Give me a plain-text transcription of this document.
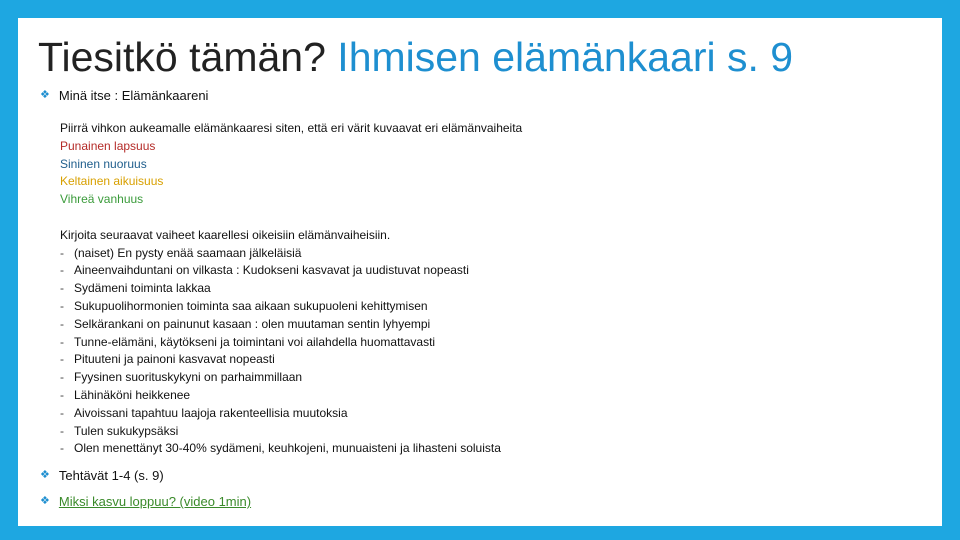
Tiesitkö tämän? Ihmisen elämänkaari s. 9
❖ Minä itse : Elämänkaareni
Piirrä vihkon aukeamalle elämänkaaresi siten, että eri värit kuvaavat eri elämänvaiheita
Punainen lapsuus
Sininen nuoruus
Keltainen aikuisuus
Vihreä vanhuus
Kirjoita seuraavat vaiheet kaarellesi oikeisiin elämänvaiheisiin.
- (naiset) En pysty enää saamaan jälkeläisiä
- Aineenvaihduntani on vilkasta : Kudokseni kasvavat ja uudistuvat nopeasti
- Sydämeni toiminta lakkaa
- Sukupuolihormonien toiminta saa aikaan sukupuoleni kehittymisen
- Selkärankani on painunut kasaan : olen muutaman sentin lyhyempi
- Tunne-elämäni, käytökseni ja toimintani voi ailahdella huomattavasti
- Pituuteni ja painoni kasvavat nopeasti
- Fyysinen suorituskykyni on parhaimmillaan
- Lähinäköni heikkenee
- Aivoissani tapahtuu laajoja rakenteellisia muutoksia
- Tulen sukukypsäksi
- Olen menettänyt 30-40% sydämeni, keuhkojeni, munuaisteni ja lihasteni soluista
❖ Tehtävät 1-4 (s. 9)
❖ Miksi kasvu loppuu? (video 1min)
